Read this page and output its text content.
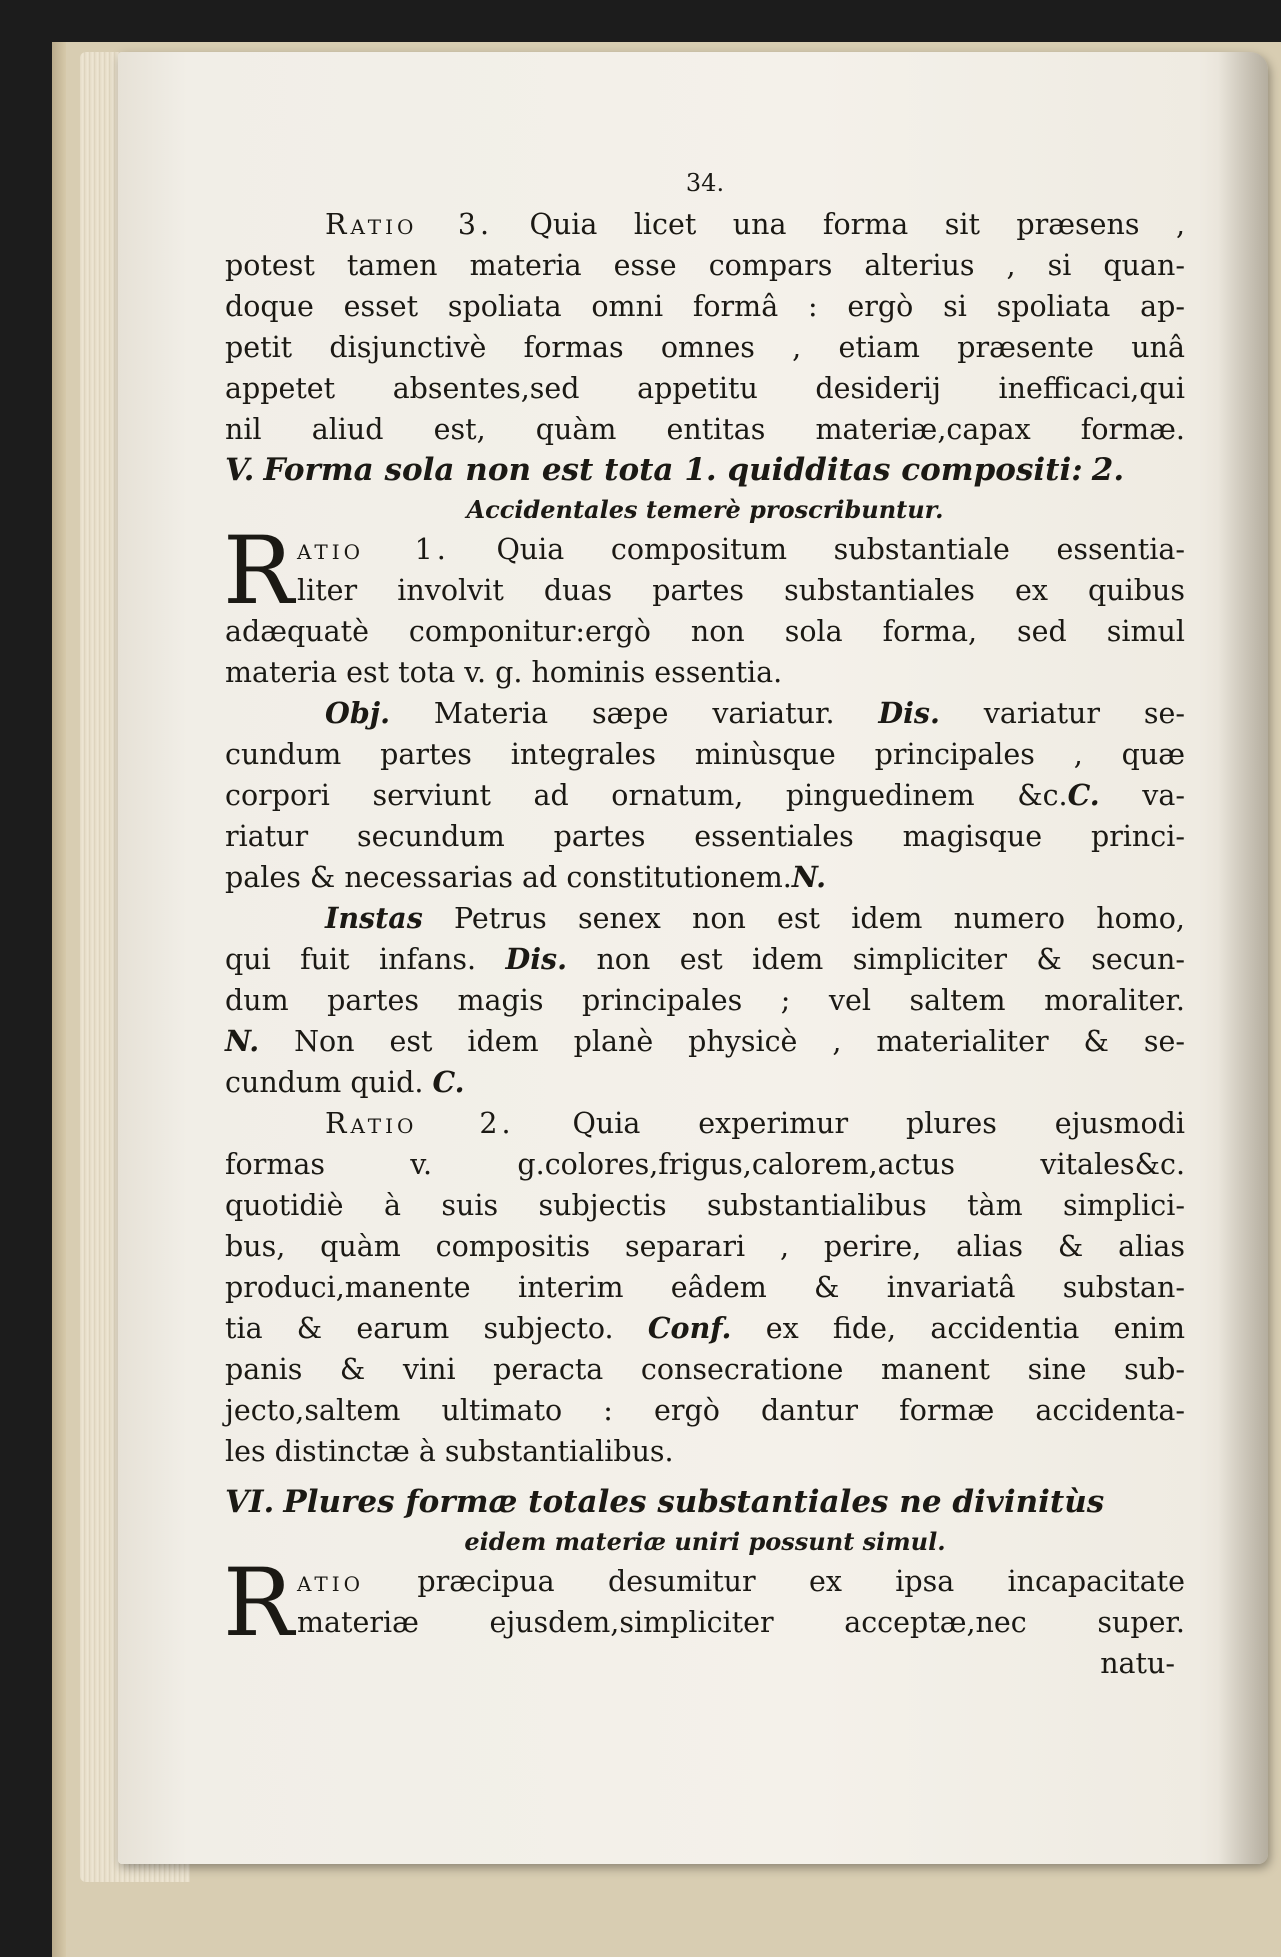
34.
Ratio 3. Quia licet una forma sit præsens ,
potest tamen materia esse compars alterius , si quan-
doque esset spoliata omni formâ : ergò si spoliata ap-
petit disjunctivè formas omnes , etiam præsente unâ
appetet absentes,sed appetitu desiderij inefficaci,qui
nil aliud est, quàm entitas materiæ,capax formæ.
V. Forma sola non est tota 1. quidditas compositi: 2.
Accidentales temerè proscribuntur.
R atio 1. Quia compositum substantiale essentia-
liter involvit duas partes substantiales ex quibus
adæquatè componitur:ergò non sola forma, sed simul
materia est tota v. g. hominis essentia.
Obj. Materia sæpe variatur. Dis. variatur se-
cundum partes integrales minùsque principales , quæ
corpori serviunt ad ornatum, pinguedinem &c.C. va-
riatur secundum partes essentiales magisque princi-
pales & necessarias ad constitutionem.N.
Instas Petrus senex non est idem numero homo,
qui fuit infans. Dis. non est idem simpliciter & secun-
dum partes magis principales ; vel saltem moraliter.
N. Non est idem planè physicè , materialiter & se-
cundum quid. C.
Ratio 2. Quia experimur plures ejusmodi
formas v. g.colores,frigus,calorem,actus vitales&c.
quotidiè à suis subjectis substantialibus tàm simplici-
bus, quàm compositis separari , perire, alias & alias
produci,manente interim eâdem & invariatâ substan-
tia & earum subjecto. Conf. ex fide, accidentia enim
panis & vini peracta consecratione manent sine sub-
jecto,saltem ultimato : ergò dantur formæ accidenta-
les distinctæ à substantialibus.
VI. Plures formæ totales substantiales ne divinitùs
eidem materiæ uniri possunt simul.
R atio præcipua desumitur ex ipsa incapacitate
materiæ ejusdem,simpliciter acceptæ,nec super.
natu-
